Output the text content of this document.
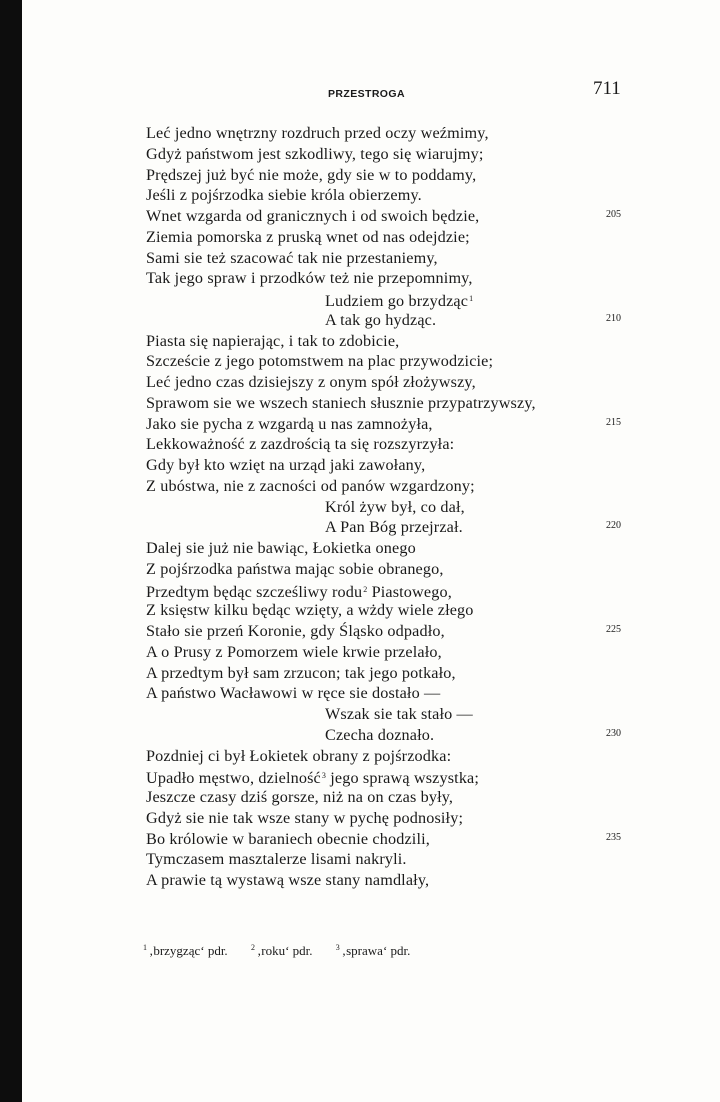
PRZESTROGA	711
Leć jedno wnętrzny rozdruch przed oczy weźmimy,
Gdyż państwom jest szkodliwy, tego się wiarujmy;
Prędszej już być nie może, gdy sie w to poddamy,
Jeśli z pojśrzodka siebie króla obierzemy.
Wnet wzgarda od granicznych i od swoich będzie,	205
Ziemia pomorska z pruską wnet od nas odejdzie;
Sami sie też szacować tak nie przestaniemy,
Tak jego spraw i przodków też nie przepomnimy,
Ludziem go brzydząc$^1$
A tak go hydząc.	210
Piasta się napierając, i tak to zdobicie,
Szczeście z jego potomstwem na plac przywodzicie;
Leć jedno czas dzisiejszy z onym spół złożywszy,
Sprawom sie we wszech staniech słusznie przypatrzywszy,
Jako sie pycha z wzgardą u nas zamnożyła,	215
Lekkoważność z zazdrością ta się rozszyrzyła:
Gdy był kto wzięt na urząd jaki zawołany,
Z ubóstwa, nie z zacności od panów wzgardzony;
Król żyw był, co dał,
A Pan Bóg przejrzał.	220
Dalej sie już nie bawiąc, Łokietka onego
Z pojśrzodka państwa mając sobie obranego,
Przedtym będąc szcześliwy rodu$^2$ Piastowego,
Z księstw kilku będąc wzięty, a wżdy wiele złego
Stało sie przeń Koronie, gdy Śląsko odpadło,	225
A o Prusy z Pomorzem wiele krwie przelało,
A przedtym był sam zrzucon; tak jego potkało,
A państwo Wacławowi w ręce sie dostało —
Wszak sie tak stało —
Czecha doznało.	230
Pozdniej ci był Łokietek obrany z pojśrzodka:
Upadło męstwo, dzielność$^3$ jego sprawą wszystka;
Jeszcze czasy dziś gorsze, niż na on czas były,
Gdyż sie nie tak wsze stany w pychę podnosiły;
Bo królowie w baraniech obecnie chodzili,	235
Tymczasem masztalerze lisami nakryli.
A prawie tą wystawą wsze stany namdlały,
$^1$ ‚brzygząc‘ pdr.	$^2$ ‚roku‘ pdr.	$^3$ ‚sprawa‘ pdr.
